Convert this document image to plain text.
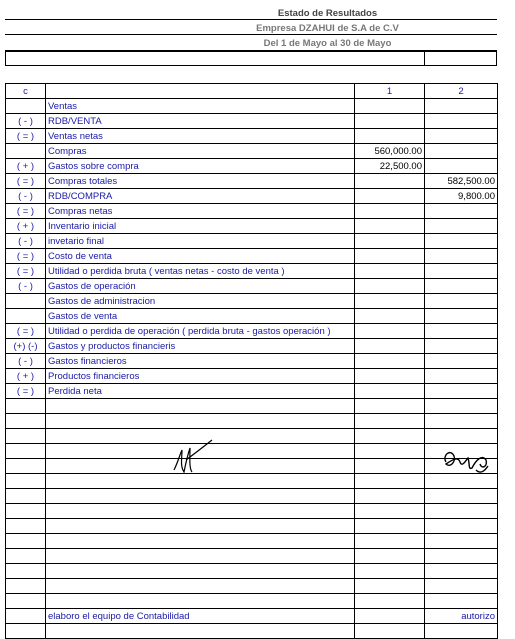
Estado de Resultados
Empresa DZAHUI de S.A de C.V
Del 1 de Mayo al 30 de Mayo
c		1	2
	Ventas		
( - )	RDB/VENTA		
( = )	Ventas netas		
	Compras	560,000.00	
( + )	Gastos sobre compra	22,500.00	
( = )	Compras totales		582,500.00
( - )	RDB/COMPRA		9,800.00
( = )	Compras netas		
( + )	Inventario inicial		
( - )	invetario final		
( = )	Costo de venta		
( = )	Utilidad o perdida bruta ( ventas netas - costo de venta )		
( - )	Gastos de operación		
	Gastos de administracion		
	Gastos de venta		
( = )	Utilidad o perdida de operación ( perdida bruta - gastos operación )		
(+) (-)	Gastos y productos financieris		
( - )	Gastos financieros		
( + )	Productos financieros		
( = )	Perdida neta		

	elaboro el equipo de Contabilidad		autorizo
